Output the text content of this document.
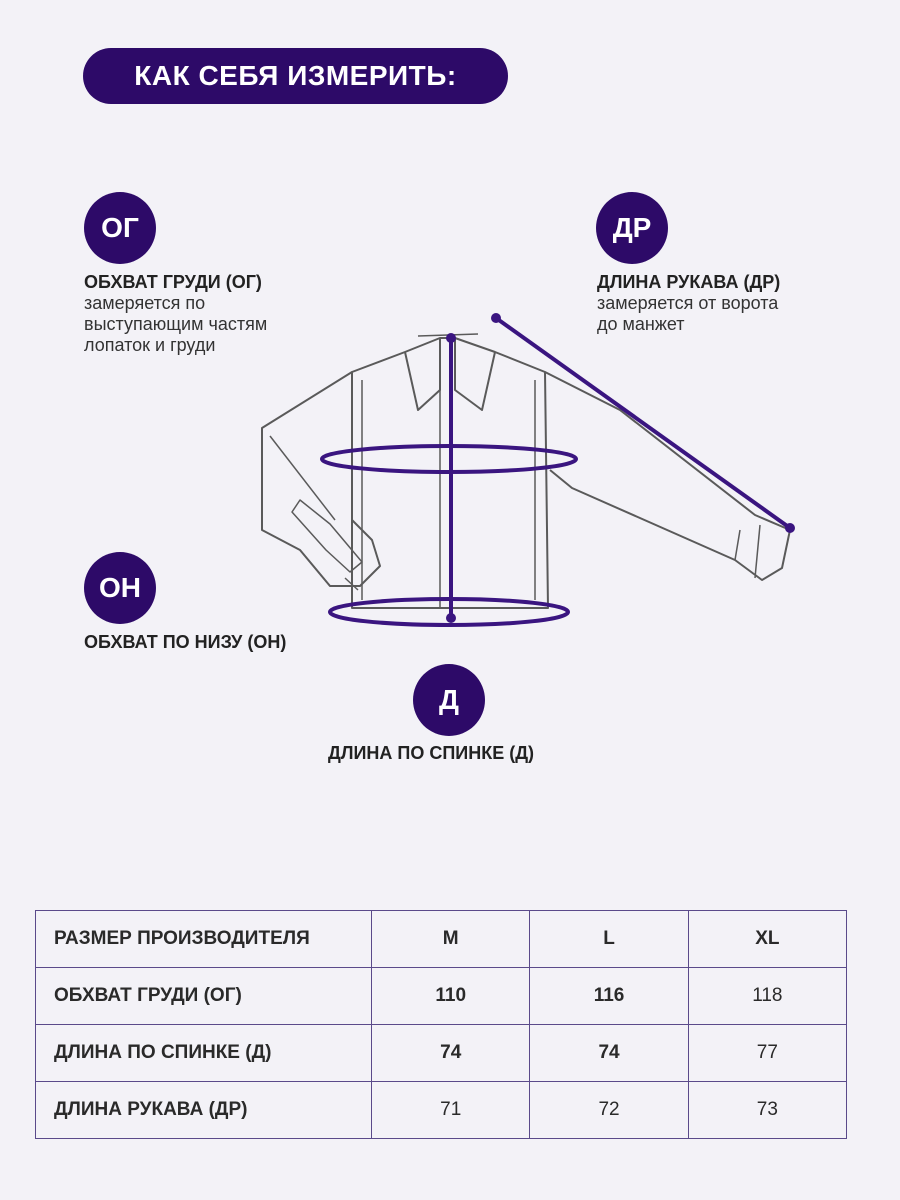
КАК СЕБЯ ИЗМЕРИТЬ:
ОГ
ОБХВАТ ГРУДИ (ОГ)
замеряется по
выступающим частям
лопаток и груди
ДР
ДЛИНА РУКАВА (ДР)
замеряется от ворота
до манжет
ОН
ОБХВАТ ПО НИЗУ (ОН)
Д
ДЛИНА ПО СПИНКЕ (Д)
РАЗМЕР ПРОИЗВОДИТЕЛЯ	M	L	XL
ОБХВАТ ГРУДИ (ОГ)	110	116	118
ДЛИНА ПО СПИНКЕ (Д)	74	74	77
ДЛИНА РУКАВА (ДР)	71	72	73
